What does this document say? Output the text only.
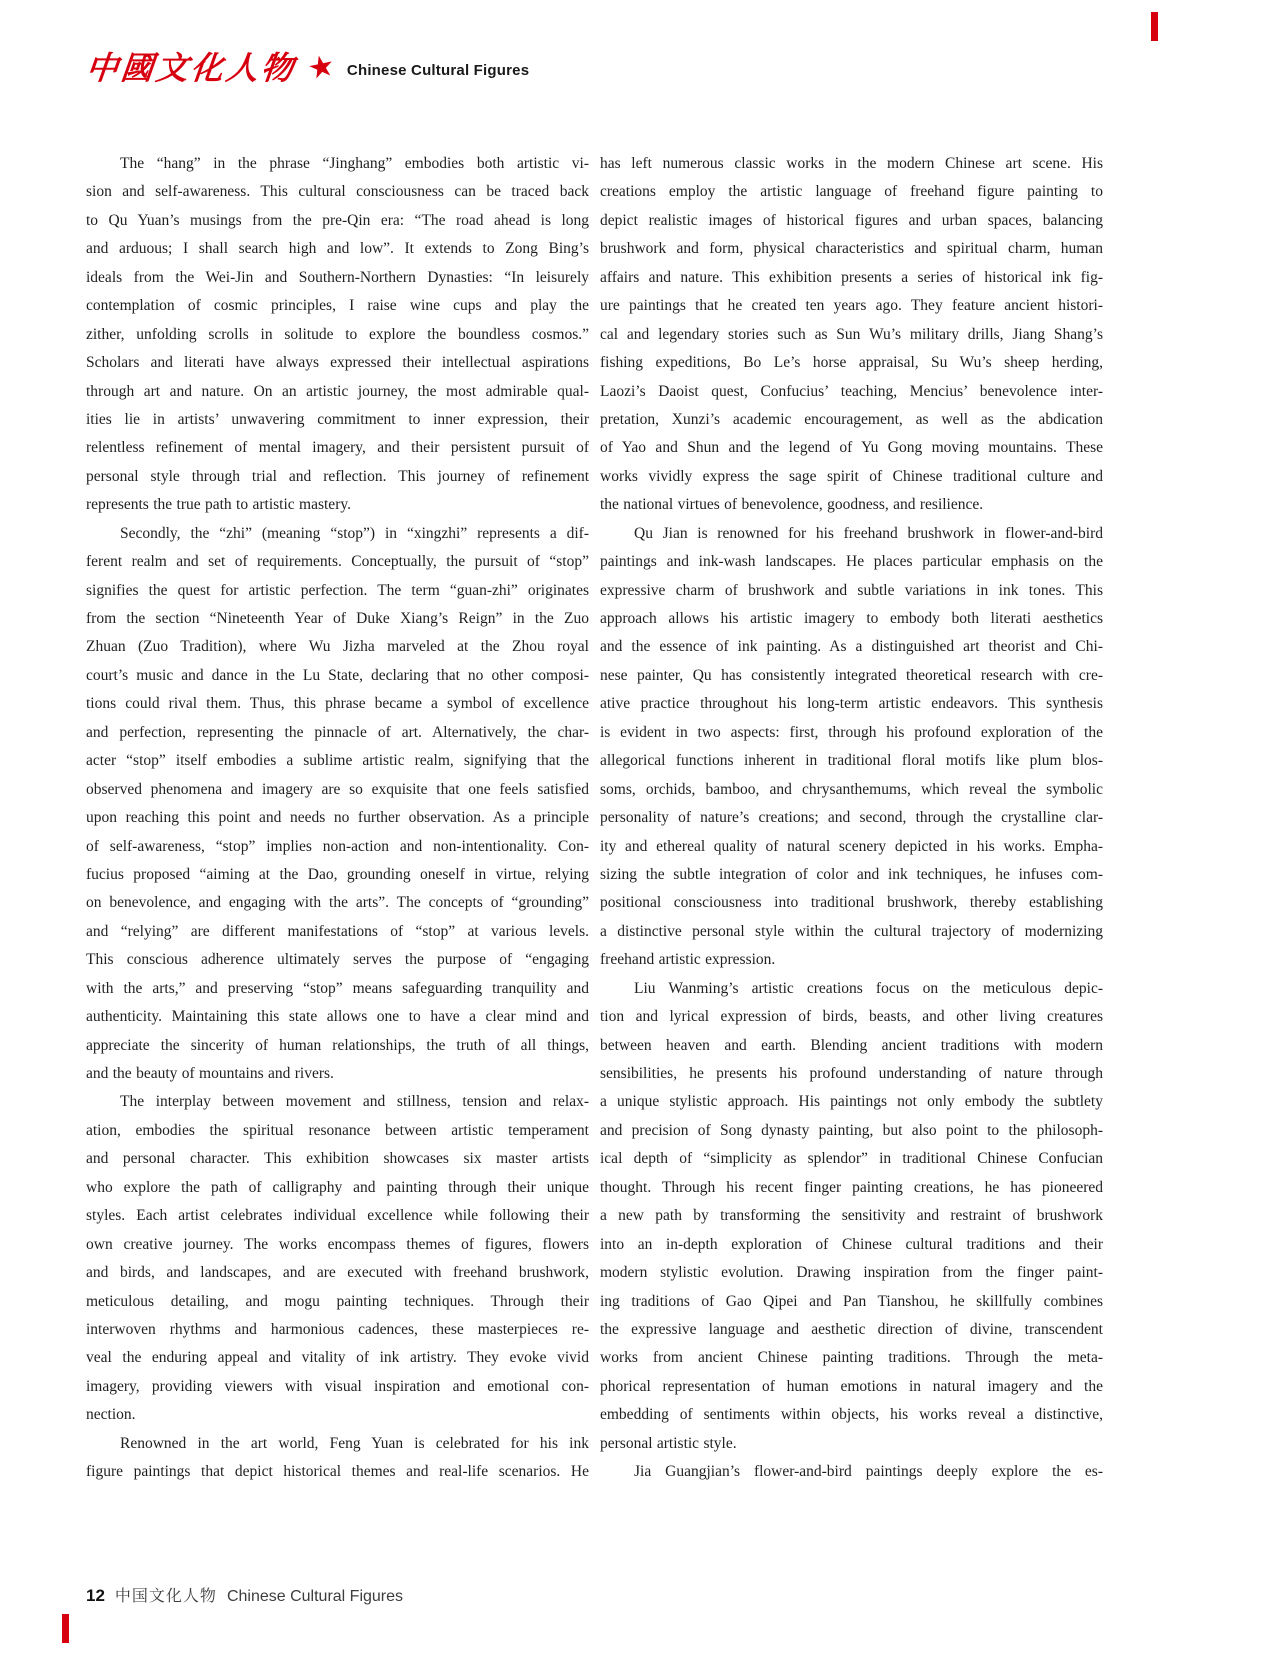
中國文化人物 ★ Chinese Cultural Figures
The “hang” in the phrase “Jinghang” embodies both artistic vi-
sion and self-awareness. This cultural consciousness can be traced back
to Qu Yuan’s musings from the pre-Qin era: “The road ahead is long
and arduous; I shall search high and low”. It extends to Zong Bing’s
ideals from the Wei-Jin and Southern-Northern Dynasties: “In leisurely
contemplation of cosmic principles, I raise wine cups and play the
zither, unfolding scrolls in solitude to explore the boundless cosmos.”
Scholars and literati have always expressed their intellectual aspirations
through art and nature. On an artistic journey, the most admirable qual-
ities lie in artists’ unwavering commitment to inner expression, their
relentless refinement of mental imagery, and their persistent pursuit of
personal style through trial and reflection. This journey of refinement
represents the true path to artistic mastery.
Secondly, the “zhi” (meaning “stop”) in “xingzhi” represents a dif-
ferent realm and set of requirements. Conceptually, the pursuit of “stop”
signifies the quest for artistic perfection. The term “guan-zhi” originates
from the section “Nineteenth Year of Duke Xiang’s Reign” in the Zuo
Zhuan (Zuo Tradition), where Wu Jizha marveled at the Zhou royal
court’s music and dance in the Lu State, declaring that no other composi-
tions could rival them. Thus, this phrase became a symbol of excellence
and perfection, representing the pinnacle of art. Alternatively, the char-
acter “stop” itself embodies a sublime artistic realm, signifying that the
observed phenomena and imagery are so exquisite that one feels satisfied
upon reaching this point and needs no further observation. As a principle
of self-awareness, “stop” implies non-action and non-intentionality. Con-
fucius proposed “aiming at the Dao, grounding oneself in virtue, relying
on benevolence, and engaging with the arts”. The concepts of “grounding”
and “relying” are different manifestations of “stop” at various levels.
This conscious adherence ultimately serves the purpose of “engaging
with the arts,” and preserving “stop” means safeguarding tranquility and
authenticity. Maintaining this state allows one to have a clear mind and
appreciate the sincerity of human relationships, the truth of all things,
and the beauty of mountains and rivers.
The interplay between movement and stillness, tension and relax-
ation, embodies the spiritual resonance between artistic temperament
and personal character. This exhibition showcases six master artists
who explore the path of calligraphy and painting through their unique
styles. Each artist celebrates individual excellence while following their
own creative journey. The works encompass themes of figures, flowers
and birds, and landscapes, and are executed with freehand brushwork,
meticulous detailing, and mogu painting techniques. Through their
interwoven rhythms and harmonious cadences, these masterpieces re-
veal the enduring appeal and vitality of ink artistry. They evoke vivid
imagery, providing viewers with visual inspiration and emotional con-
nection.
Renowned in the art world, Feng Yuan is celebrated for his ink
figure paintings that depict historical themes and real-life scenarios. He
has left numerous classic works in the modern Chinese art scene. His
creations employ the artistic language of freehand figure painting to
depict realistic images of historical figures and urban spaces, balancing
brushwork and form, physical characteristics and spiritual charm, human
affairs and nature. This exhibition presents a series of historical ink fig-
ure paintings that he created ten years ago. They feature ancient histori-
cal and legendary stories such as Sun Wu’s military drills, Jiang Shang’s
fishing expeditions, Bo Le’s horse appraisal, Su Wu’s sheep herding,
Laozi’s Daoist quest, Confucius’ teaching, Mencius’ benevolence inter-
pretation, Xunzi’s academic encouragement, as well as the abdication
of Yao and Shun and the legend of Yu Gong moving mountains. These
works vividly express the sage spirit of Chinese traditional culture and
the national virtues of benevolence, goodness, and resilience.
Qu Jian is renowned for his freehand brushwork in flower-and-bird
paintings and ink-wash landscapes. He places particular emphasis on the
expressive charm of brushwork and subtle variations in ink tones. This
approach allows his artistic imagery to embody both literati aesthetics
and the essence of ink painting. As a distinguished art theorist and Chi-
nese painter, Qu has consistently integrated theoretical research with cre-
ative practice throughout his long-term artistic endeavors. This synthesis
is evident in two aspects: first, through his profound exploration of the
allegorical functions inherent in traditional floral motifs like plum blos-
soms, orchids, bamboo, and chrysanthemums, which reveal the symbolic
personality of nature’s creations; and second, through the crystalline clar-
ity and ethereal quality of natural scenery depicted in his works. Empha-
sizing the subtle integration of color and ink techniques, he infuses com-
positional consciousness into traditional brushwork, thereby establishing
a distinctive personal style within the cultural trajectory of modernizing
freehand artistic expression.
Liu Wanming’s artistic creations focus on the meticulous depic-
tion and lyrical expression of birds, beasts, and other living creatures
between heaven and earth. Blending ancient traditions with modern
sensibilities, he presents his profound understanding of nature through
a unique stylistic approach. His paintings not only embody the subtlety
and precision of Song dynasty painting, but also point to the philosoph-
ical depth of “simplicity as splendor” in traditional Chinese Confucian
thought. Through his recent finger painting creations, he has pioneered
a new path by transforming the sensitivity and restraint of brushwork
into an in-depth exploration of Chinese cultural traditions and their
modern stylistic evolution. Drawing inspiration from the finger paint-
ing traditions of Gao Qipei and Pan Tianshou, he skillfully combines
the expressive language and aesthetic direction of divine, transcendent
works from ancient Chinese painting traditions. Through the meta-
phorical representation of human emotions in natural imagery and the
embedding of sentiments within objects, his works reveal a distinctive,
personal artistic style.
Jia Guangjian’s flower-and-bird paintings deeply explore the es-
12 中国文化人物 Chinese Cultural Figures
